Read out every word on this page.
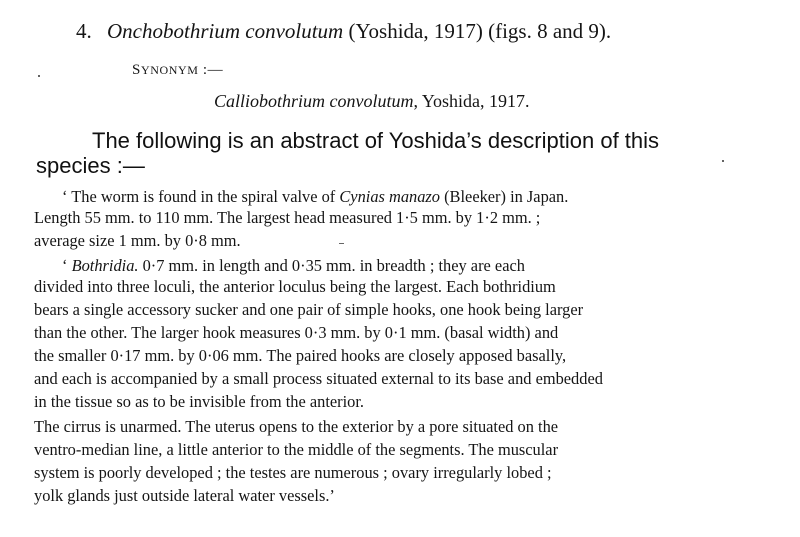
4. Onchobothrium convolutum (Yoshida, 1917) (figs. 8 and 9).
SYNONYM :—
Calliobothrium convolutum, Yoshida, 1917.
The following is an abstract of Yoshida’s description of this
species :—
‘ The worm is found in the spiral valve of Cynias manazo (Bleeker) in Japan.
Length 55 mm. to 110 mm. The largest head measured 1·5 mm. by 1·2 mm. ;
average size 1 mm. by 0·8 mm.
‘ Bothridia. 0·7 mm. in length and 0·35 mm. in breadth ; they are each
divided into three loculi, the anterior loculus being the largest. Each bothridium
bears a single accessory sucker and one pair of simple hooks, one hook being larger
than the other. The larger hook measures 0·3 mm. by 0·1 mm. (basal width) and
the smaller 0·17 mm. by 0·06 mm. The paired hooks are closely apposed basally,
and each is accompanied by a small process situated external to its base and embedded
in the tissue so as to be invisible from the anterior.
The cirrus is unarmed. The uterus opens to the exterior by a pore situated on the
ventro-median line, a little anterior to the middle of the segments. The muscular
system is poorly developed ; the testes are numerous ; ovary irregularly lobed ;
yolk glands just outside lateral water vessels.’
